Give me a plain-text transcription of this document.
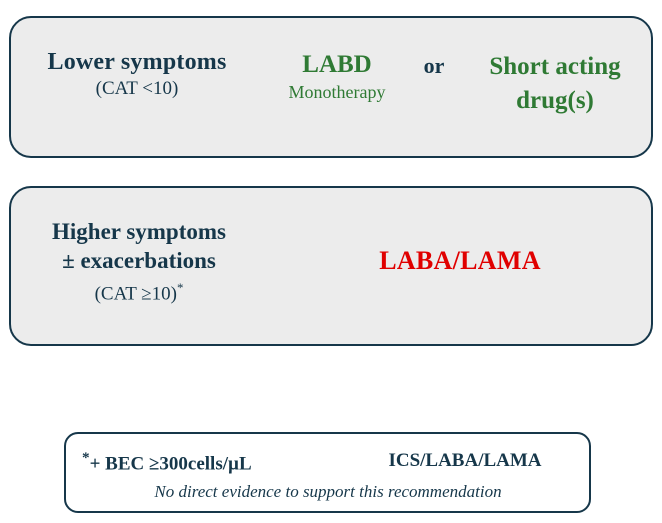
Lower symptoms
(CAT <10)
LABD
Monotherapy
or	Short acting
drug(s)
Higher symptoms
± exacerbations
(CAT ≥10)*
LABA/LAMA
*+ BEC ≥300cells/µL	ICS/LABA/LAMA
No direct evidence to support this recommendation
